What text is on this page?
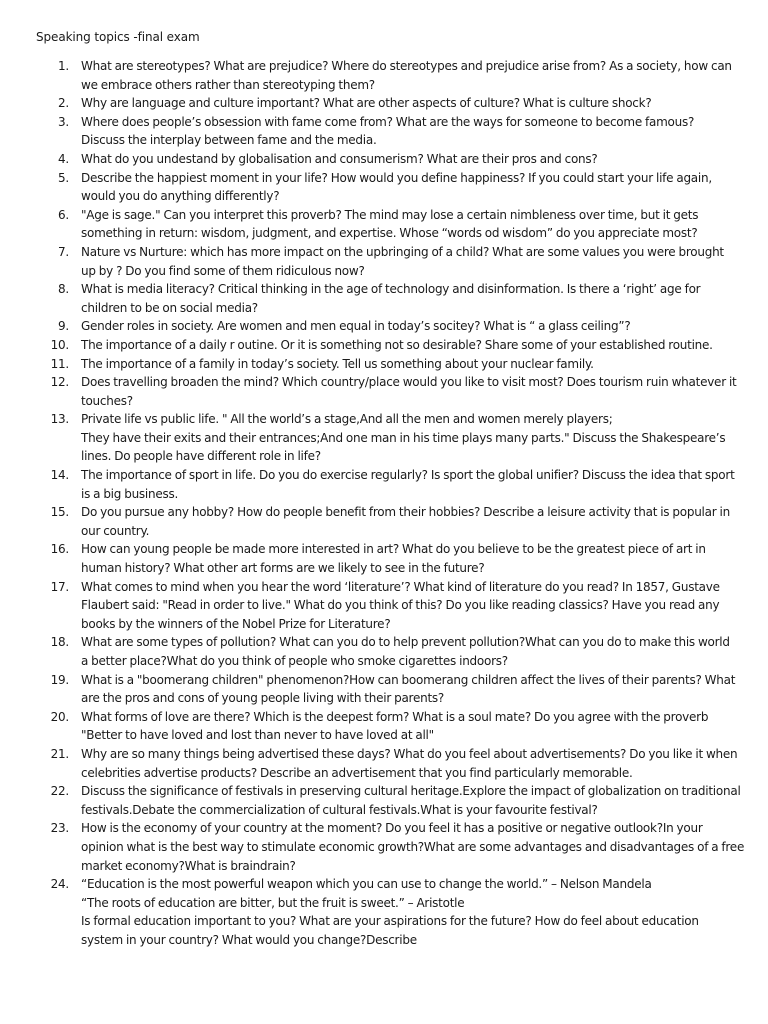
Speaking topics -final exam
1. What are stereotypes? What are prejudice? Where do stereotypes and prejudice arise from? As a society, how can
we embrace others rather than stereotyping them?
2. Why are language and culture important? What are other aspects of culture? What is culture shock?
3. Where does people’s obsession with fame come from? What are the ways for someone to become famous?
Discuss the interplay between fame and the media.
4. What do you undestand by globalisation and consumerism? What are their pros and cons?
5. Describe the happiest moment in your life? How would you define happiness? If you could start your life again,
would you do anything differently?
6. "Age is sage." Can you interpret this proverb? The mind may lose a certain nimbleness over time, but it gets
something in return: wisdom, judgment, and expertise. Whose “words od wisdom” do you appreciate most?
7. Nature vs Nurture: which has more impact on the upbringing of a child? What are some values you were brought
up by ? Do you find some of them ridiculous now?
8. What is media literacy? Critical thinking in the age of technology and disinformation. Is there a ‘right’ age for
children to be on social media?
9. Gender roles in society. Are women and men equal in today’s socitey? What is “ a glass ceiling”?
10. The importance of a daily r outine. Or it is something not so desirable? Share some of your established routine.
11. The importance of a family in today’s society. Tell us something about your nuclear family.
12. Does travelling broaden the mind? Which country/place would you like to visit most? Does tourism ruin whatever it
touches?
13. Private life vs public life. " All the world’s a stage,And all the men and women merely players;
They have their exits and their entrances;And one man in his time plays many parts." Discuss the Shakespeare’s
lines. Do people have different role in life?
14. The importance of sport in life. Do you do exercise regularly? Is sport the global unifier? Discuss the idea that sport
is a big business.
15. Do you pursue any hobby? How do people benefit from their hobbies? Describe a leisure activity that is popular in
our country.
16. How can young people be made more interested in art? What do you believe to be the greatest piece of art in
human history? What other art forms are we likely to see in the future?
17. What comes to mind when you hear the word ‘literature’? What kind of literature do you read? In 1857, Gustave
Flaubert said: "Read in order to live." What do you think of this? Do you like reading classics? Have you read any
books by the winners of the Nobel Prize for Literature?
18. What are some types of pollution? What can you do to help prevent pollution?What can you do to make this world
a better place?What do you think of people who smoke cigarettes indoors?
19. What is a "boomerang children" phenomenon?How can boomerang children affect the lives of their parents? What
are the pros and cons of young people living with their parents?
20. What forms of love are there? Which is the deepest form? What is a soul mate? Do you agree with the proverb
"Better to have loved and lost than never to have loved at all"
21. Why are so many things being advertised these days? What do you feel about advertisements? Do you like it when
celebrities advertise products? Describe an advertisement that you find particularly memorable.
22. Discuss the significance of festivals in preserving cultural heritage.Explore the impact of globalization on traditional
festivals.Debate the commercialization of cultural festivals.What is your favourite festival?
23. How is the economy of your country at the moment? Do you feel it has a positive or negative outlook?In your
opinion what is the best way to stimulate economic growth?What are some advantages and disadvantages of a free
market economy?What is braindrain?
24. “Education is the most powerful weapon which you can use to change the world.” – Nelson Mandela
“The roots of education are bitter, but the fruit is sweet.” – Aristotle
Is formal education important to you? What are your aspirations for the future? How do feel about education
system in your country? What would you change?Describe
